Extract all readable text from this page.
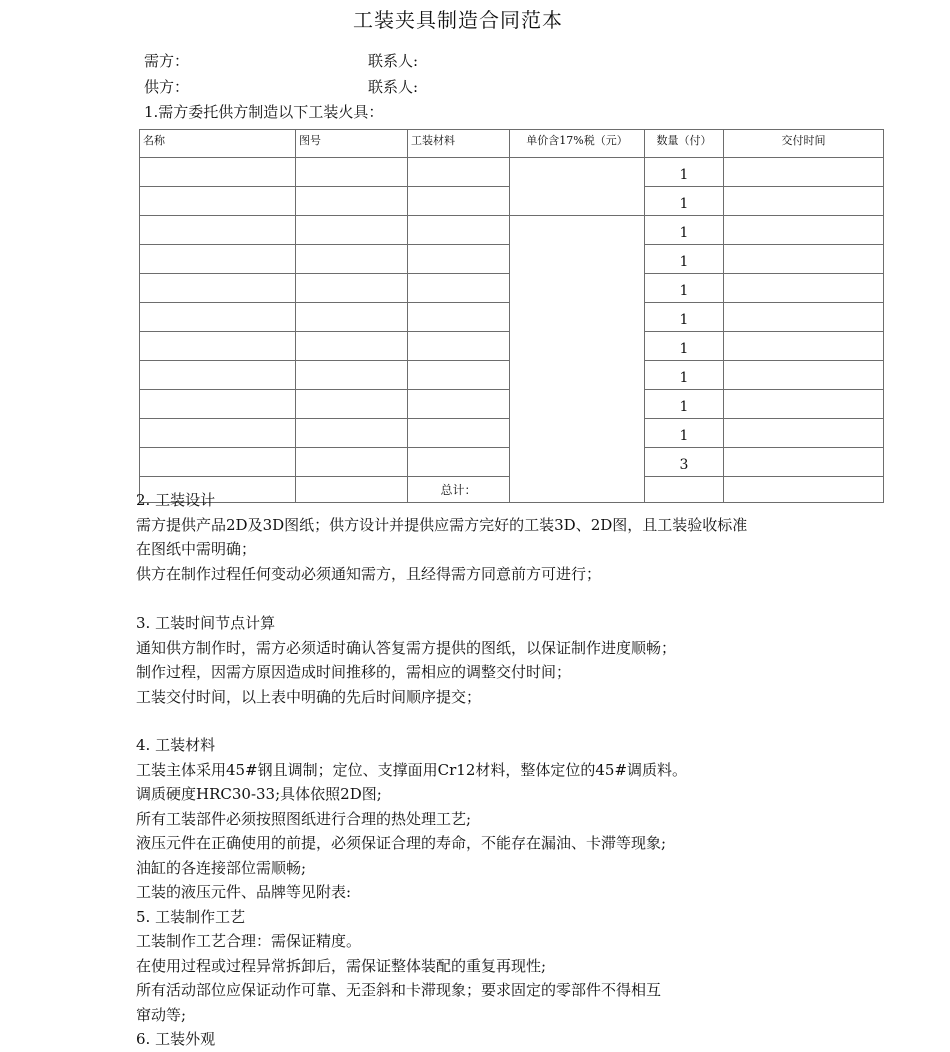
工装夹具制造合同范本
需方：	联系人:
供方：	联系人:
1.需方委托供方制造以下工装火具：
名称	图号	工装材料	单价含17%税（元）	数量（付）	交付时间	
				1		
				1		
				1		
				1		
				1		
				1		
				1		
				1		
				1		
				1		
				3		
		总计：				

2. 工装设计

需方提供产品2D及3D图纸；供方设计并提供应需方完好的工装3D、2D图，且工装验收标准

在图纸中需明确；

供方在制作过程任何变动必须通知需方，且经得需方同意前方可进行；

3. 工装时间节点计算

通知供方制作时，需方必须适时确认答复需方提供的图纸，以保证制作进度顺畅；

制作过程，因需方原因造成时间推移的，需相应的调整交付时间；

工装交付时间，以上表中明确的先后时间顺序提交；

4. 工装材料

工装主体采用45#钢且调制；定位、支撑面用Cr12材料，整体定位的45#调质料。

调质硬度HRC30-33;具体依照2D图;

所有工装部件必须按照图纸进行合理的热处理工艺;

液压元件在正确使用的前提，必须保证合理的寿命，不能存在漏油、卡滞等现象;

油缸的各连接部位需顺畅;

工装的液压元件、品牌等见附表:

5. 工装制作工艺

工装制作工艺合理：需保证精度。

在使用过程或过程异常拆卸后，需保证整体装配的重复再现性;

所有活动部位应保证动作可靠、无歪斜和卡滞现象；要求固定的零部件不得相互

窜动等;

6. 工装外观
